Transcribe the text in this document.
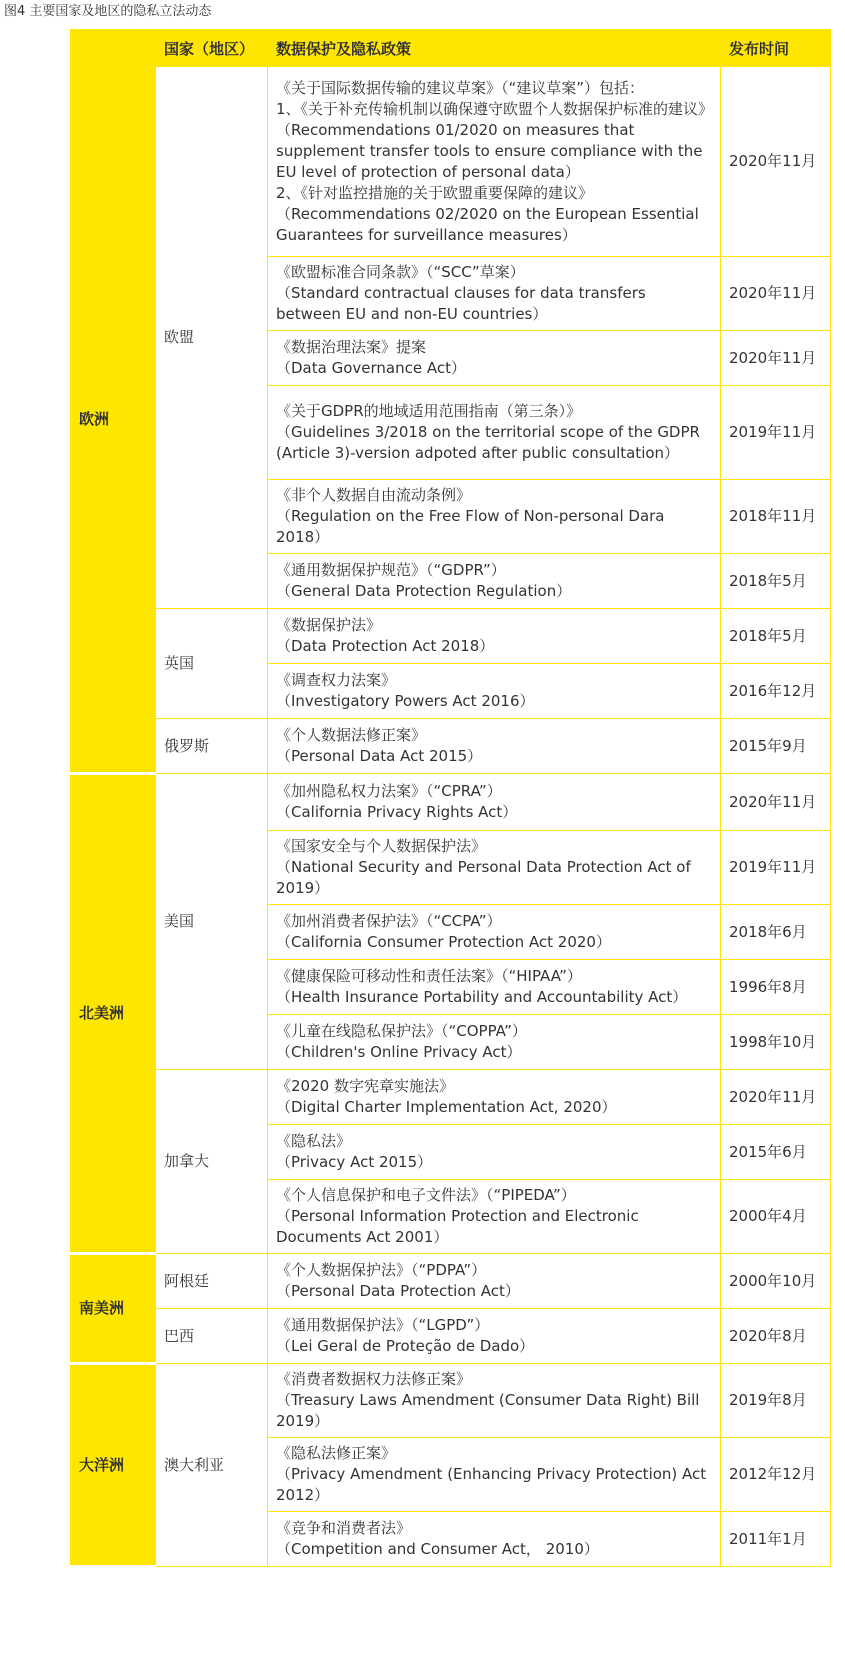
图4 主要国家及地区的隐私立法动态
	国家（地区）	数据保护及隐私政策	发布时间
欧洲	欧盟	《关于国际数据传输的建议草案》（“建议草案”）包括：
1、《关于补充传输机制以确保遵守欧盟个人数据保护标准的建议》
（Recommendations 01/2020 on measures that supplement transfer tools to ensure compliance with the EU level of protection of personal data）
2、《针对监控措施的关于欧盟重要保障的建议》
（Recommendations 02/2020 on the European Essential Guarantees for surveillance measures）	2020年11月
		《欧盟标准合同条款》（“SCC”草案）
（Standard contractual clauses for data transfers between EU and non-EU countries）	2020年11月
		《数据治理法案》提案
（Data Governance Act）	2020年11月
		《关于GDPR的地域适用范围指南（第三条）》
（Guidelines 3/2018 on the territorial scope of the GDPR (Article 3)-version adpoted after public consultation）	2019年11月
		《非个人数据自由流动条例》
（Regulation on the Free Flow of Non-personal Dara 2018）	2018年11月
		《通用数据保护规范》（“GDPR”）
（General Data Protection Regulation）	2018年5月
	英国	《数据保护法》
（Data Protection Act 2018）	2018年5月
		《调查权力法案》
（Investigatory Powers Act 2016）	2016年12月
	俄罗斯	《个人数据法修正案》
（Personal Data Act 2015）	2015年9月
北美洲	美国	《加州隐私权力法案》（“CPRA”）
（California Privacy Rights Act）	2020年11月
		《国家安全与个人数据保护法》
（National Security and Personal Data Protection Act of 2019）	2019年11月
		《加州消费者保护法》（“CCPA”）
（California Consumer Protection Act 2020）	2018年6月
		《健康保险可移动性和责任法案》（“HIPAA”）
（Health Insurance Portability and Accountability Act）	1996年8月
		《儿童在线隐私保护法》（“COPPA”）
（Children's Online Privacy Act）	1998年10月
	加拿大	《2020 数字宪章实施法》
（Digital Charter Implementation Act, 2020）	2020年11月
		《隐私法》
（Privacy Act 2015）	2015年6月
		《个人信息保护和电子文件法》（“PIPEDA”）
（Personal Information Protection and Electronic Documents Act 2001）	2000年4月
南美洲	阿根廷	《个人数据保护法》（“PDPA”）
（Personal Data Protection Act）	2000年10月
	巴西	《通用数据保护法》（“LGPD”）
（Lei Geral de Proteção de Dado）	2020年8月
大洋洲	澳大利亚	《消费者数据权力法修正案》
（Treasury Laws Amendment (Consumer Data Right) Bill 2019）	2019年8月
		《隐私法修正案》
（Privacy Amendment (Enhancing Privacy Protection) Act 2012）	2012年12月
		《竞争和消费者法》
（Competition and Consumer Act， 2010）	2011年1月
